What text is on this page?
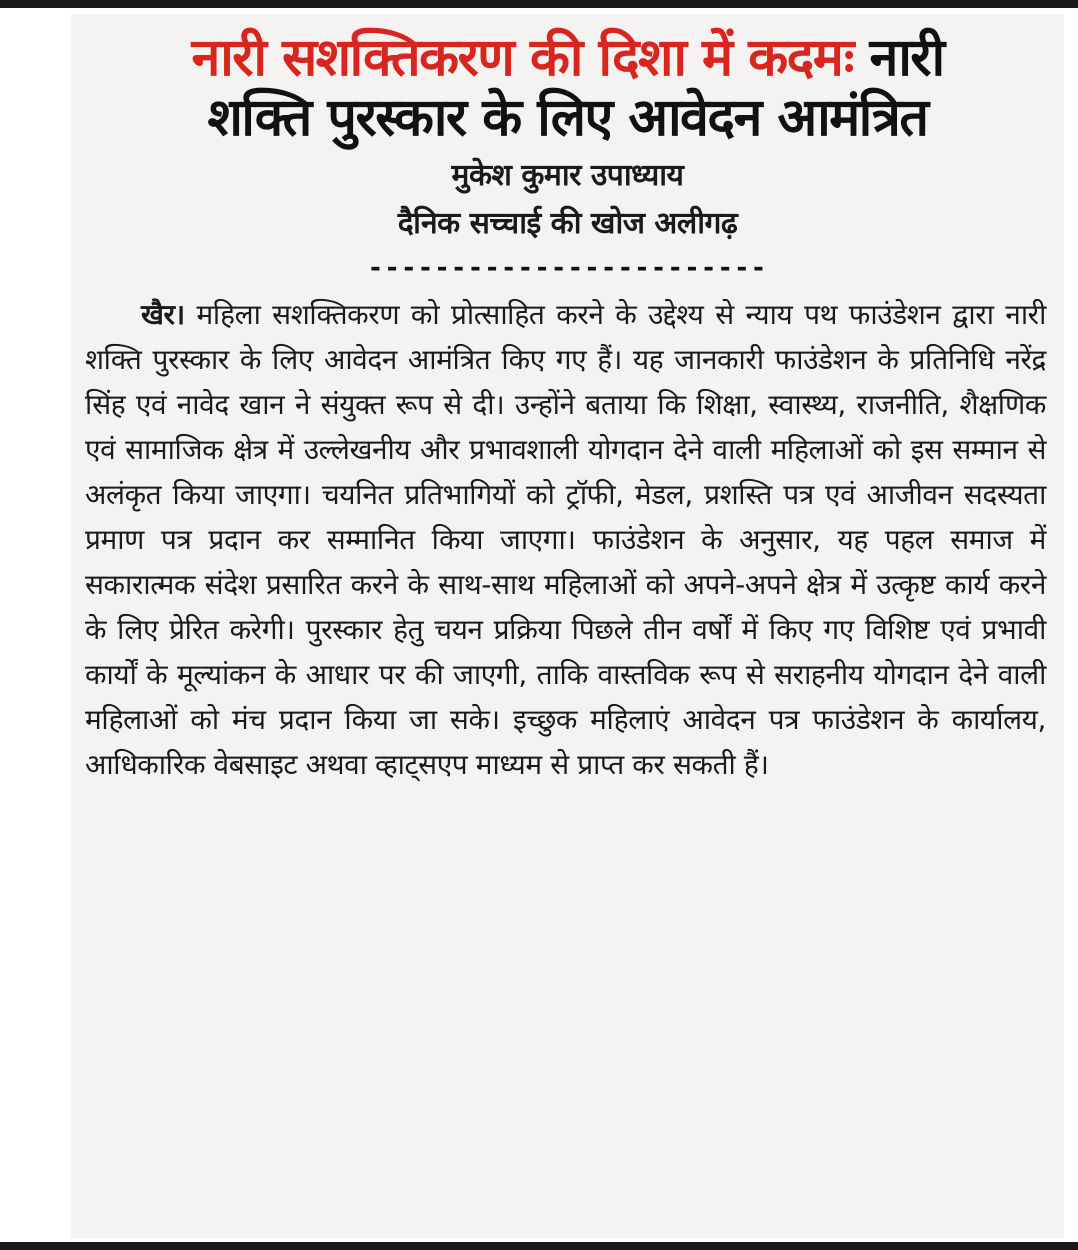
नारी सशक्तिकरण की दिशा में कदमः नारी
शक्ति पुरस्कार के लिए आवेदन आमंत्रित
मुकेश कुमार उपाध्याय
दैनिक सच्चाई की खोज अलीगढ़
------------------------

खैर। महिला सशक्तिकरण को प्रोत्साहित करने के उद्देश्य से न्याय पथ फाउंडेशन द्वारा नारी शक्ति पुरस्कार के लिए आवेदन आमंत्रित किए गए हैं। यह जानकारी फाउंडेशन के प्रतिनिधि नरेंद्र सिंह एवं नावेद खान ने संयुक्त रूप से दी। उन्होंने बताया कि शिक्षा, स्वास्थ्य, राजनीति, शैक्षणिक एवं सामाजिक क्षेत्र में उल्लेखनीय और प्रभावशाली योगदान देने वाली महिलाओं को इस सम्मान से अलंकृत किया जाएगा। चयनित प्रतिभागियों को ट्रॉफी, मेडल, प्रशस्ति पत्र एवं आजीवन सदस्यता प्रमाण पत्र प्रदान कर सम्मानित किया जाएगा। फाउंडेशन के अनुसार, यह पहल समाज में सकारात्मक संदेश प्रसारित करने के साथ-साथ महिलाओं को अपने-अपने क्षेत्र में उत्कृष्ट कार्य करने के लिए प्रेरित करेगी। पुरस्कार हेतु चयन प्रक्रिया पिछले तीन वर्षों में किए गए विशिष्ट एवं प्रभावी कार्यों के मूल्यांकन के आधार पर की जाएगी, ताकि वास्तविक रूप से सराहनीय योगदान देने वाली महिलाओं को मंच प्रदान किया जा सके। इच्छुक महिलाएं आवेदन पत्र फाउंडेशन के कार्यालय, आधिकारिक वेबसाइट अथवा व्हाट्सएप माध्यम से प्राप्त कर सकती हैं।
